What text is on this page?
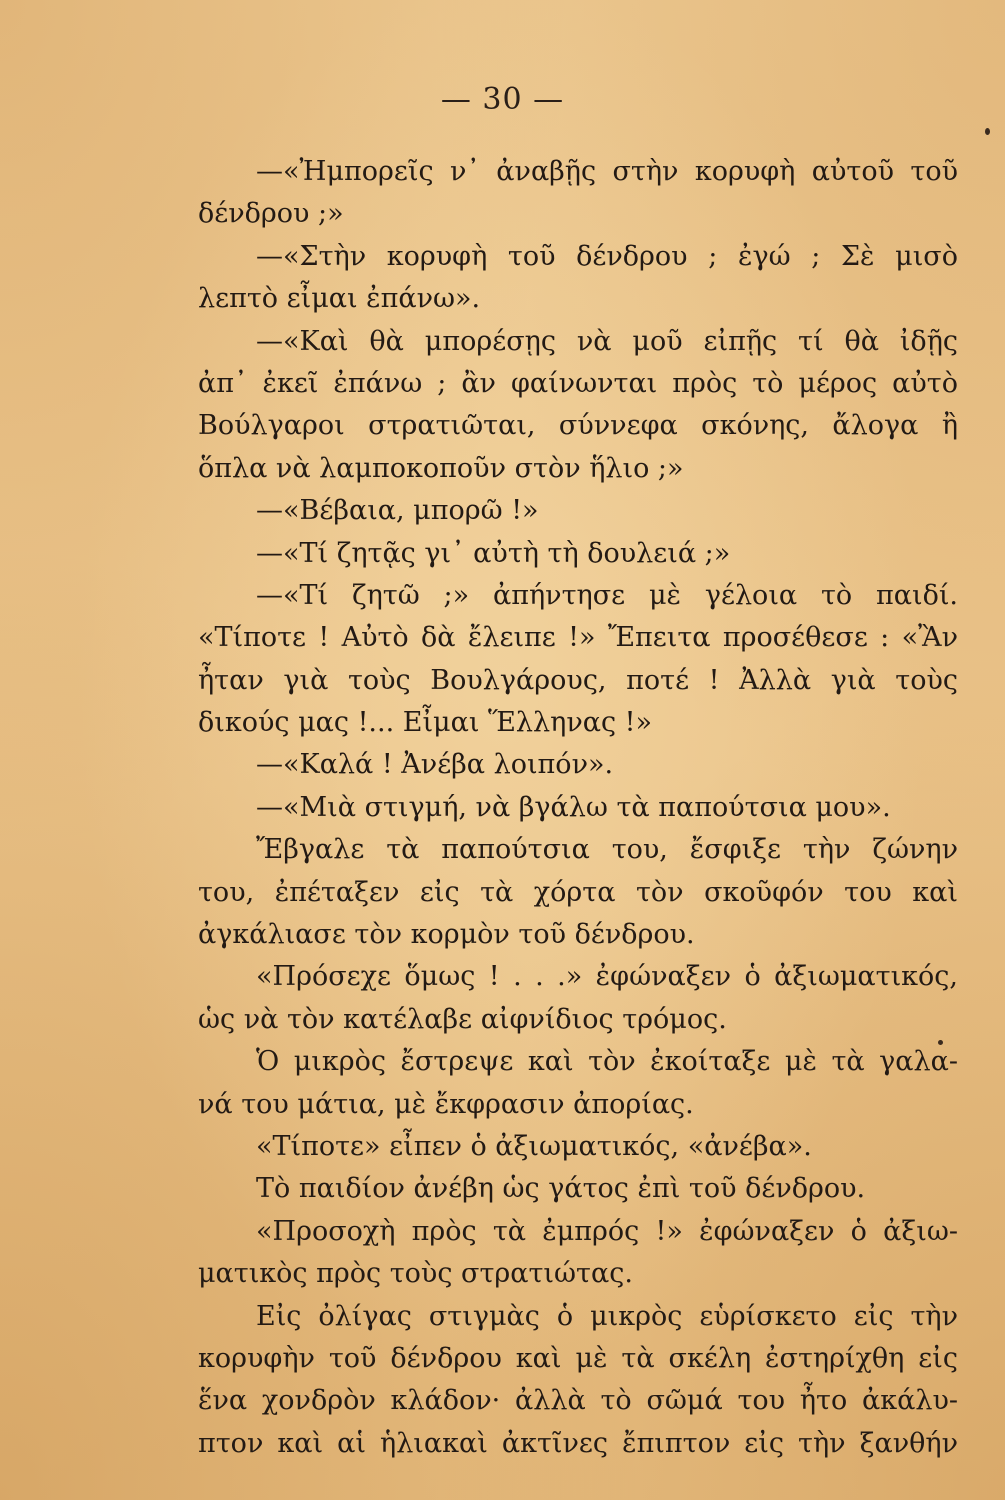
— 30 —
—«Ἠμπορεῖς ν᾽ ἀναβῇς στὴν κορυφὴ αὐτοῦ τοῦ
δένδρου ;»
—«Στὴν κορυφὴ τοῦ δένδρου ; ἐγώ ; Σὲ μισὸ
λεπτὸ εἶμαι ἐπάνω».
—«Καὶ θὰ μπορέσῃς νὰ μοῦ εἰπῇς τί θὰ ἰδῇς
ἀπ᾽ ἐκεῖ ἐπάνω ; ἂν φαίνωνται πρὸς τὸ μέρος αὐτὸ
Βούλγαροι στρατιῶται, σύννεφα σκόνης, ἄλογα ἢ
ὅπλα νὰ λαμποκοποῦν στὸν ἥλιο ;»
—«Βέβαια, μπορῶ !»
—«Τί ζητᾷς γι᾽ αὐτὴ τὴ δουλειά ;»
—«Τί ζητῶ ;» ἀπήντησε μὲ γέλοια τὸ παιδί.
«Τίποτε ! Αὐτὸ δὰ ἔλειπε !» Ἔπειτα προσέθεσε : «Ἂν
ἦταν γιὰ τοὺς Βουλγάρους, ποτέ ! Ἀλλὰ γιὰ τοὺς
δικούς μας !... Εἶμαι Ἕλληνας !»
—«Καλά ! Ἀνέβα λοιπόν».
—«Μιὰ στιγμή, νὰ βγάλω τὰ παπούτσια μου».
Ἔβγαλε τὰ παπούτσια του, ἔσφιξε τὴν ζώνην
του, ἐπέταξεν εἰς τὰ χόρτα τὸν σκοῦφόν του καὶ
ἀγκάλιασε τὸν κορμὸν τοῦ δένδρου.
«Πρόσεχε ὅμως ! . . .» ἐφώναξεν ὁ ἀξιωματικός,
ὡς νὰ τὸν κατέλαβε αἰφνίδιος τρόμος.
Ὁ μικρὸς ἔστρεψε καὶ τὸν ἐκοίταξε μὲ τὰ γαλα-
νά του μάτια, μὲ ἔκφρασιν ἀπορίας.
«Τίποτε» εἶπεν ὁ ἀξιωματικός, «ἀνέβα».
Τὸ παιδίον ἀνέβη ὡς γάτος ἐπὶ τοῦ δένδρου.
«Προσοχὴ πρὸς τὰ ἐμπρός !» ἐφώναξεν ὁ ἀξιω-
ματικὸς πρὸς τοὺς στρατιώτας.
Εἰς ὀλίγας στιγμὰς ὁ μικρὸς εὑρίσκετο εἰς τὴν
κορυφὴν τοῦ δένδρου καὶ μὲ τὰ σκέλη ἐστηρίχθη εἰς
ἕνα χονδρὸν κλάδον· ἀλλὰ τὸ σῶμά του ἦτο ἀκάλυ-
πτον καὶ αἱ ἡλιακαὶ ἀκτῖνες ἔπιπτον εἰς τὴν ξανθήν
